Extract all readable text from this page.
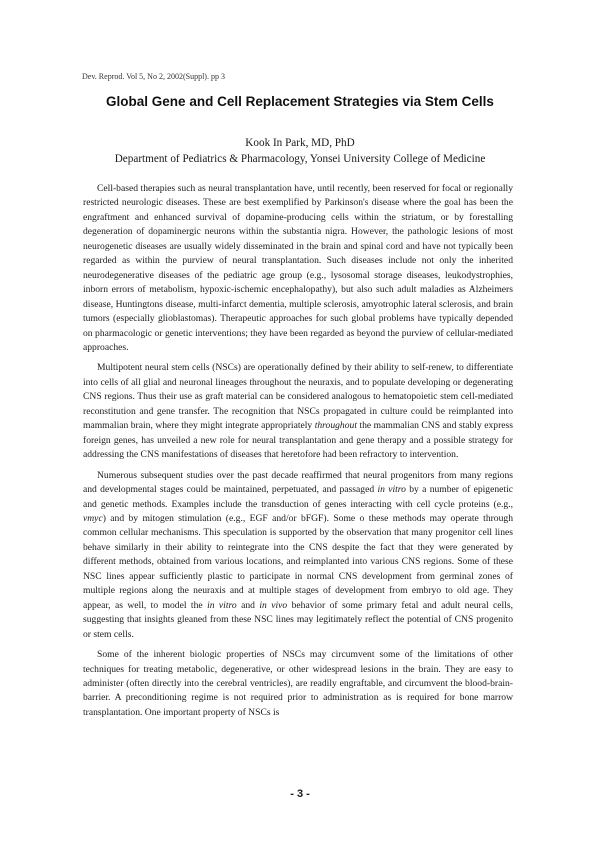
Dev. Reprod. Vol 5, No 2, 2002(Suppl). pp 3
Global Gene and Cell Replacement Strategies via Stem Cells
Kook In Park, MD, PhD
Department of Pediatrics & Pharmacology, Yonsei University College of Medicine

Cell-based therapies such as neural transplantation have, until recently, been reserved for focal or regionally restricted neurologic diseases. These are best exemplified by Parkinson's disease where the goal has been the engraftment and enhanced survival of dopamine-producing cells within the striatum, or by forestalling degeneration of dopaminergic neurons within the substantia nigra. However, the pathologic lesions of most neurogenetic diseases are usually widely disseminated in the brain and spinal cord and have not typically been regarded as within the purview of neural transplantation. Such diseases include not only the inherited neurodegenerative diseases of the pediatric age group (e.g., lysosomal storage diseases, leukodystrophies, inborn errors of metabolism, hypoxic-ischemic encephalopathy), but also such adult maladies as Alzheimers disease, Huntingtons disease, multi-infarct dementia, multiple sclerosis, amyotrophic lateral sclerosis, and brain tumors (especially glioblastomas). Therapeutic approaches for such global problems have typically depended on pharmacologic or genetic interventions; they have been regarded as beyond the purview of cellular-mediated approaches.

Multipotent neural stem cells (NSCs) are operationally defined by their ability to self-renew, to differentiate into cells of all glial and neuronal lineages throughout the neuraxis, and to populate developing or degenerating CNS regions. Thus their use as graft material can be considered analogous to hematopoietic stem cell-mediated reconstitution and gene transfer. The recognition that NSCs propagated in culture could be reimplanted into mammalian brain, where they might integrate appropriately throughout the mammalian CNS and stably express foreign genes, has unveiled a new role for neural transplantation and gene therapy and a possible strategy for addressing the CNS manifestations of diseases that heretofore had been refractory to intervention.

Numerous subsequent studies over the past decade reaffirmed that neural progenitors from many regions and developmental stages could be maintained, perpetuated, and passaged in vitro by a number of epigenetic and genetic methods. Examples include the transduction of genes interacting with cell cycle proteins (e.g., vmyc) and by mitogen stimulation (e.g., EGF and/or bFGF). Some o these methods may operate through common cellular mechanisms. This speculation is supported by the observation that many progenitor cell lines behave similarly in their ability to reintegrate into the CNS despite the fact that they were generated by different methods, obtained from various locations, and reimplanted into various CNS regions. Some of these NSC lines appear sufficiently plastic to participate in normal CNS development from germinal zones of multiple regions along the neuraxis and at multiple stages of development from embryo to old age. They appear, as well, to model the in vitro and in vivo behavior of some primary fetal and adult neural cells, suggesting that insights gleaned from these NSC lines may legitimately reflect the potential of CNS progenito or stem cells.

Some of the inherent biologic properties of NSCs may circumvent some of the limitations of other techniques for treating metabolic, degenerative, or other widespread lesions in the brain. They are easy to administer (often directly into the cerebral ventricles), are readily engraftable, and circumvent the blood-brain-barrier. A preconditioning regime is not required prior to administration as is required for bone marrow transplantation. One important property of NSCs is

- 3 -
